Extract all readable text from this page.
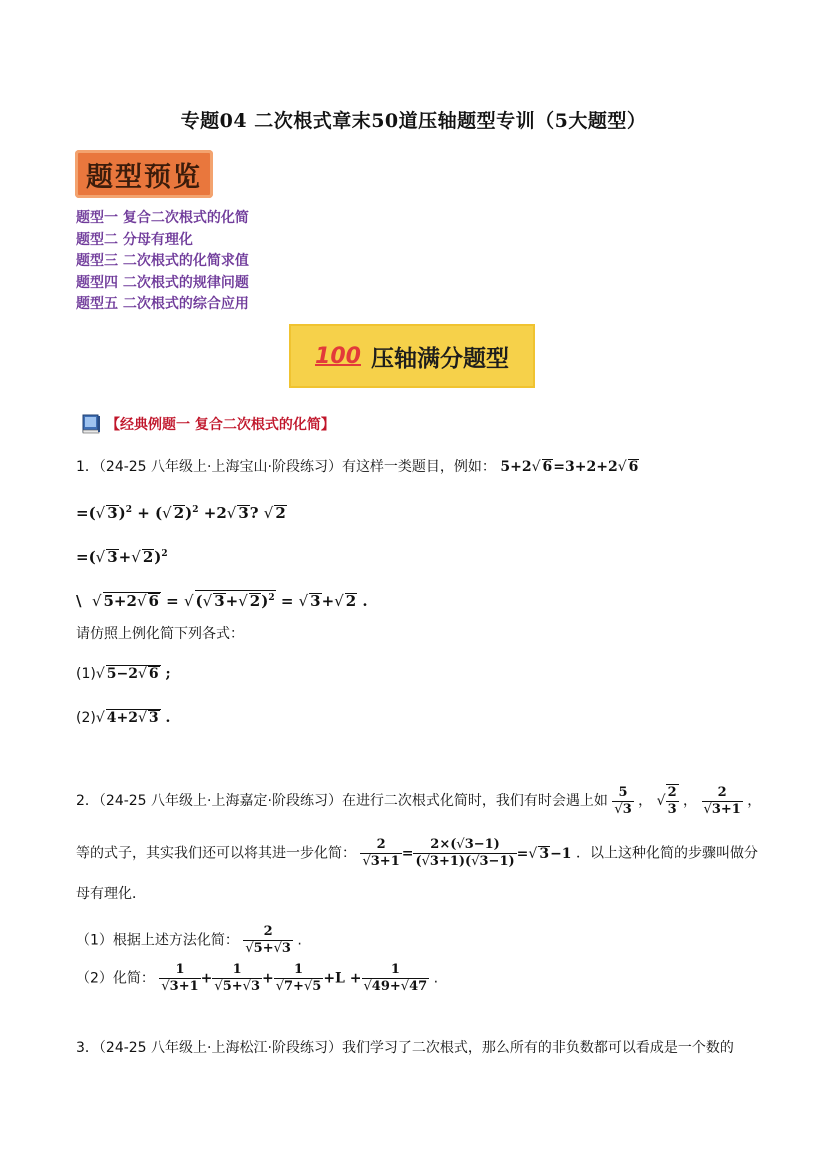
专题04 二次根式章末50道压轴题型专训（5大题型）
题型预览
题型一 复合二次根式的化简
题型二 分母有理化
题型三 二次根式的化简求值
题型四 二次根式的规律问题
题型五 二次根式的综合应用
100 压轴满分题型
【经典例题一 复合二次根式的化简】
1．（24-25 八年级上·上海宝山·阶段练习）有这样一类题目，例如： 5+2√ 6=3+2+2√ 6
=(√ 3)$^2$ + (√ 2)$^2$ +2√ 3? √ 2
=(√ 3+√ 2)$^2$
\  √ 5+2√ 6 = √ (√ 3+√ 2)$^2$ = √ 3+√ 2 .
请仿照上例化简下列各式：
(1)√ 5−2√ 6 ;
(2)√ 4+2√ 3 .
2．（24-25 八年级上·上海嘉定·阶段练习）在进行二次根式化简时，我们有时会遇上如 $\frac{5}{√3}$ ， √ $\frac{2}{3}$ ， $\frac{2}{√3+1}$ ，
等的式子，其实我们还可以将其进一步化简： $\frac{2}{√3+1} = \frac{2\times(√3-1)}{(√3+1)(√3-1)}$ =√ 3−1 ．以上这种化简的步骤叫做分
母有理化．
（1）根据上述方法化简： $\frac{2}{√5+√3}$ .
（2）化简： $\frac{1}{√3+1} + \frac{1}{√5+√3} + \frac{1}{√7+√5} +L + \frac{1}{√49+√47}$ .
3．（24-25 八年级上·上海松江·阶段练习）我们学习了二次根式，那么所有的非负数都可以看成是一个数的
